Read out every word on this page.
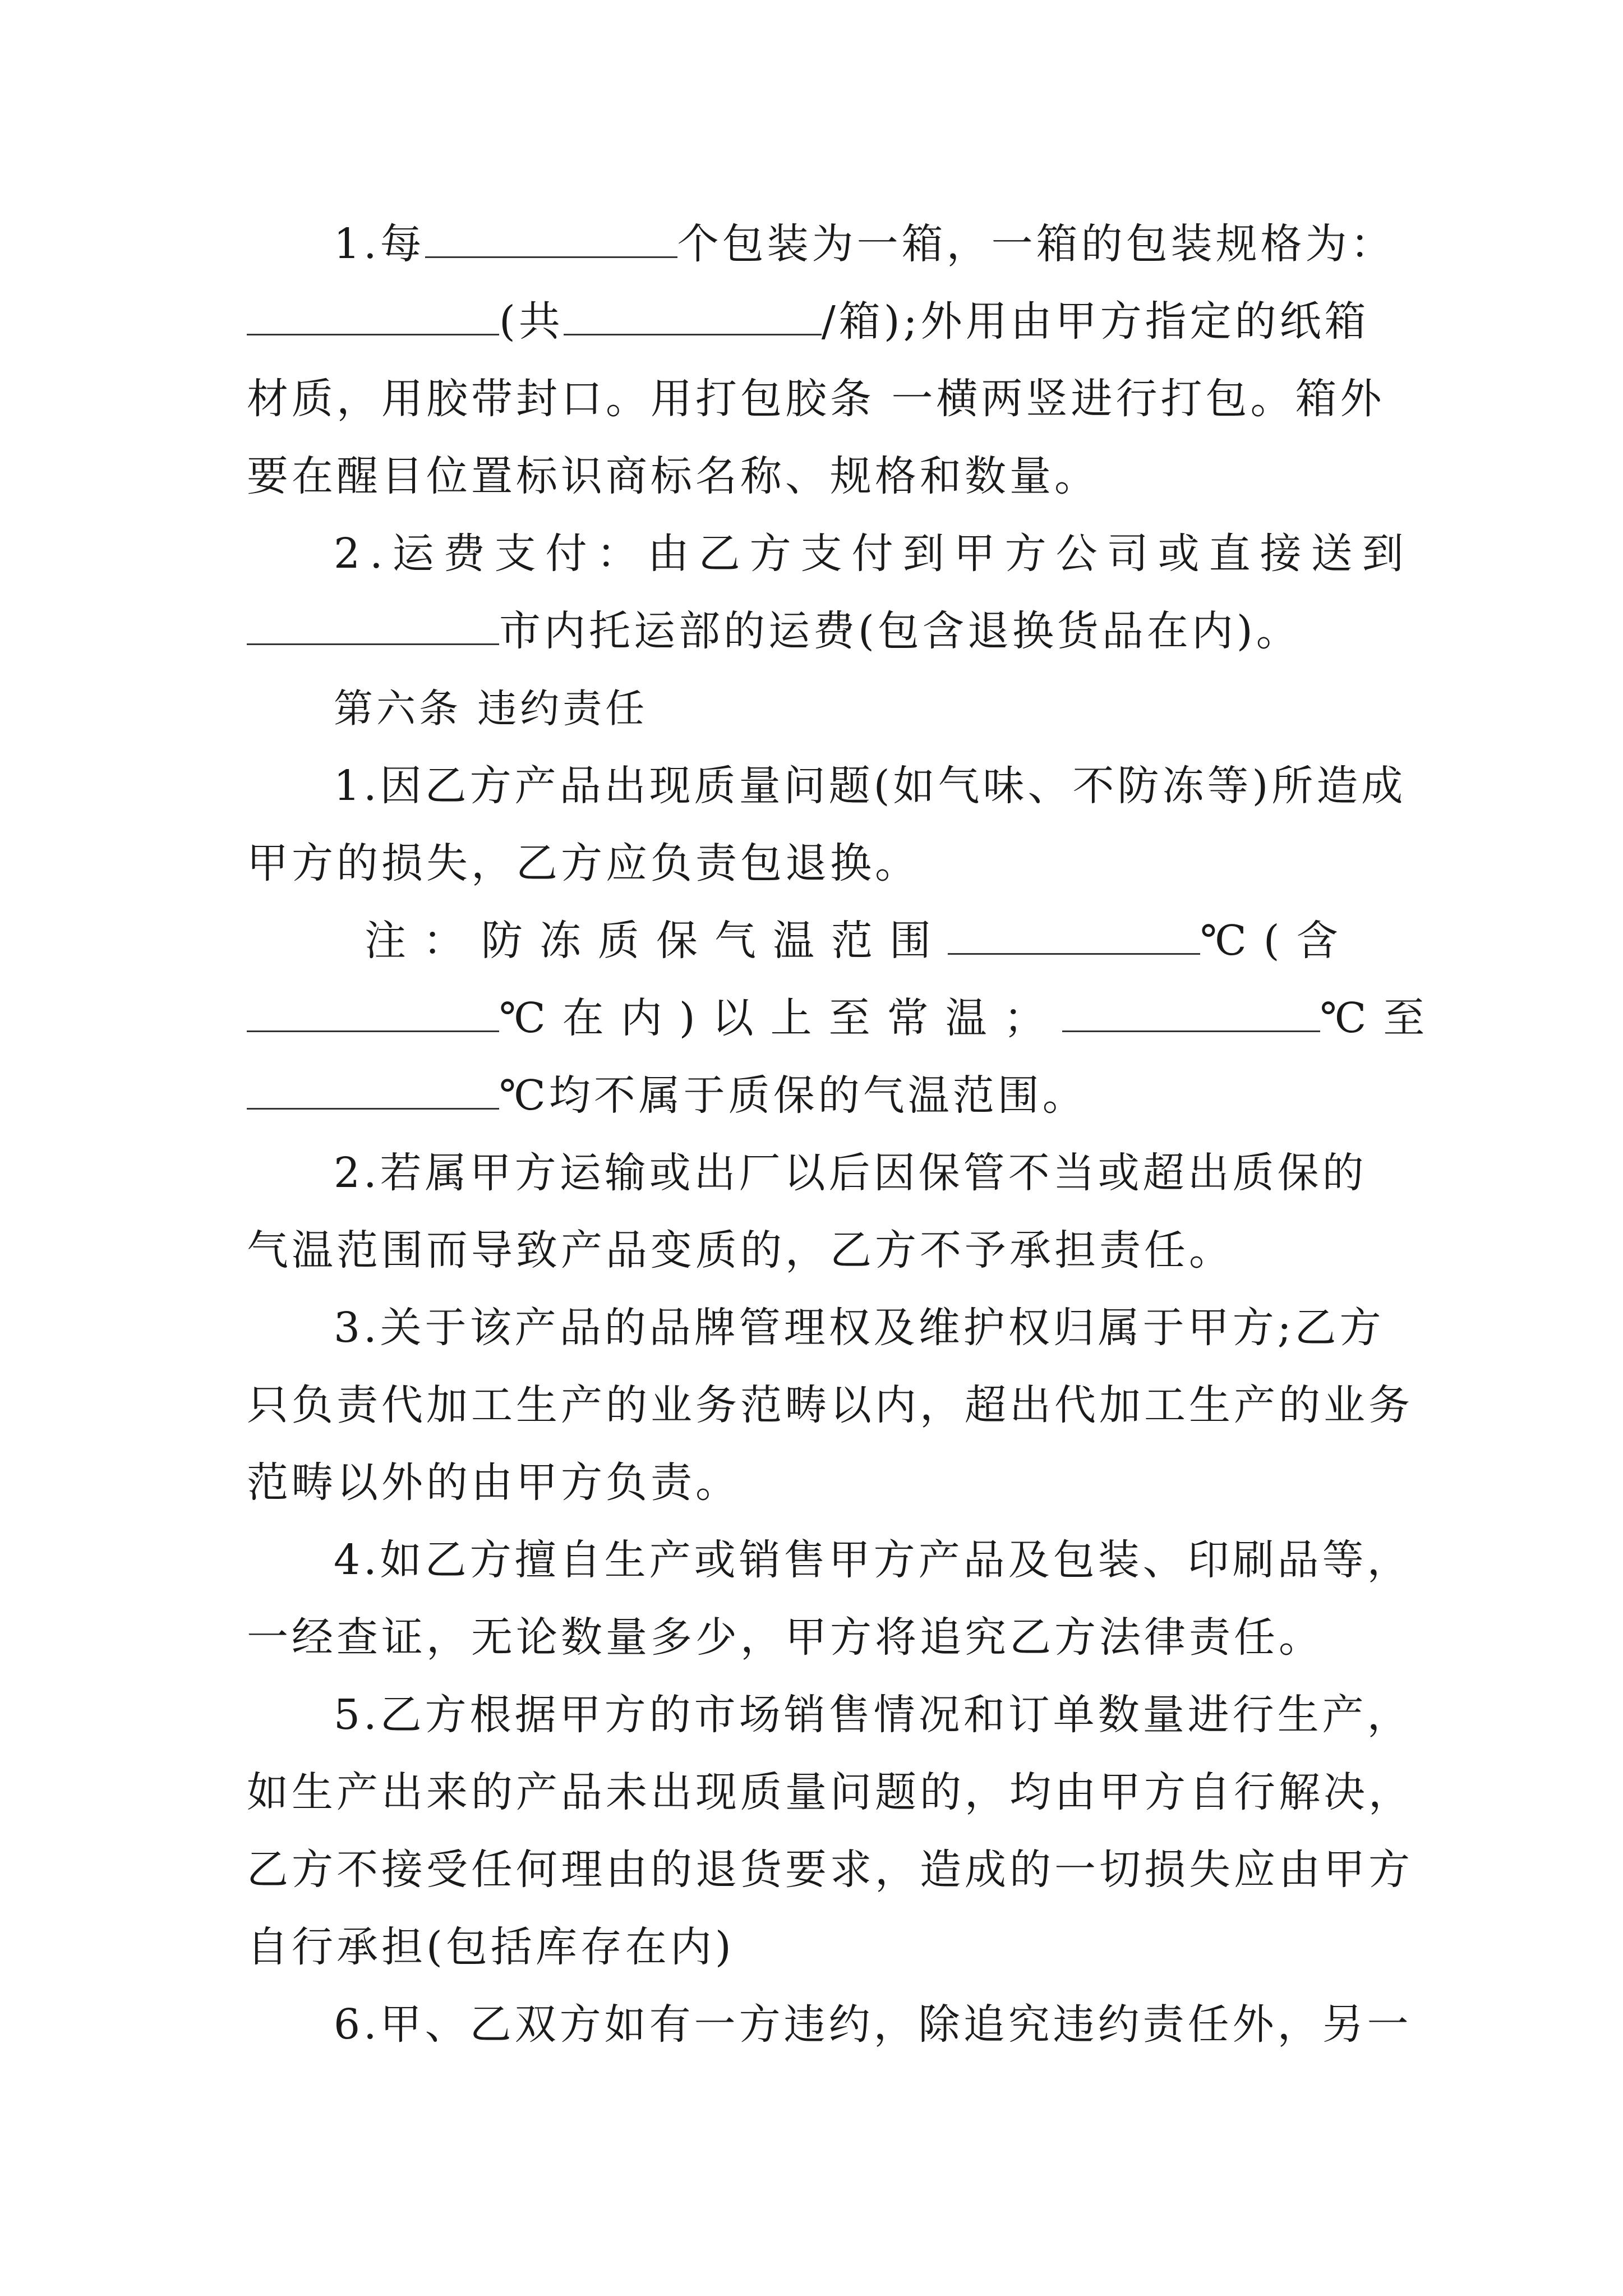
1.每	个包装为一箱，一箱的包装规格为：
(共	/箱);外用由甲方指定的纸箱
材质，用胶带封口。用打包胶条 一横两竖进行打包。箱外
要在醒目位置标识商标名称、规格和数量。
2.运费支付：由乙方支付到甲方公司或直接送到
市内托运部的运费(包含退换货品在内)。
第六条 违约责任
1.因乙方产品出现质量问题(如气味、不防冻等)所造成
甲方的损失，乙方应负责包退换。
注：防冻质保气温范围	℃(含
℃在内)以上至常温；	℃至
℃均不属于质保的气温范围。
2.若属甲方运输或出厂以后因保管不当或超出质保的
气温范围而导致产品变质的，乙方不予承担责任。
3.关于该产品的品牌管理权及维护权归属于甲方;乙方
只负责代加工生产的业务范畴以内，超出代加工生产的业务
范畴以外的由甲方负责。
4.如乙方擅自生产或销售甲方产品及包装、印刷品等，
一经查证，无论数量多少，甲方将追究乙方法律责任。
5.乙方根据甲方的市场销售情况和订单数量进行生产，
如生产出来的产品未出现质量问题的，均由甲方自行解决，
乙方不接受任何理由的退货要求，造成的一切损失应由甲方
自行承担(包括库存在内)
6.甲、乙双方如有一方违约，除追究违约责任外，另一
